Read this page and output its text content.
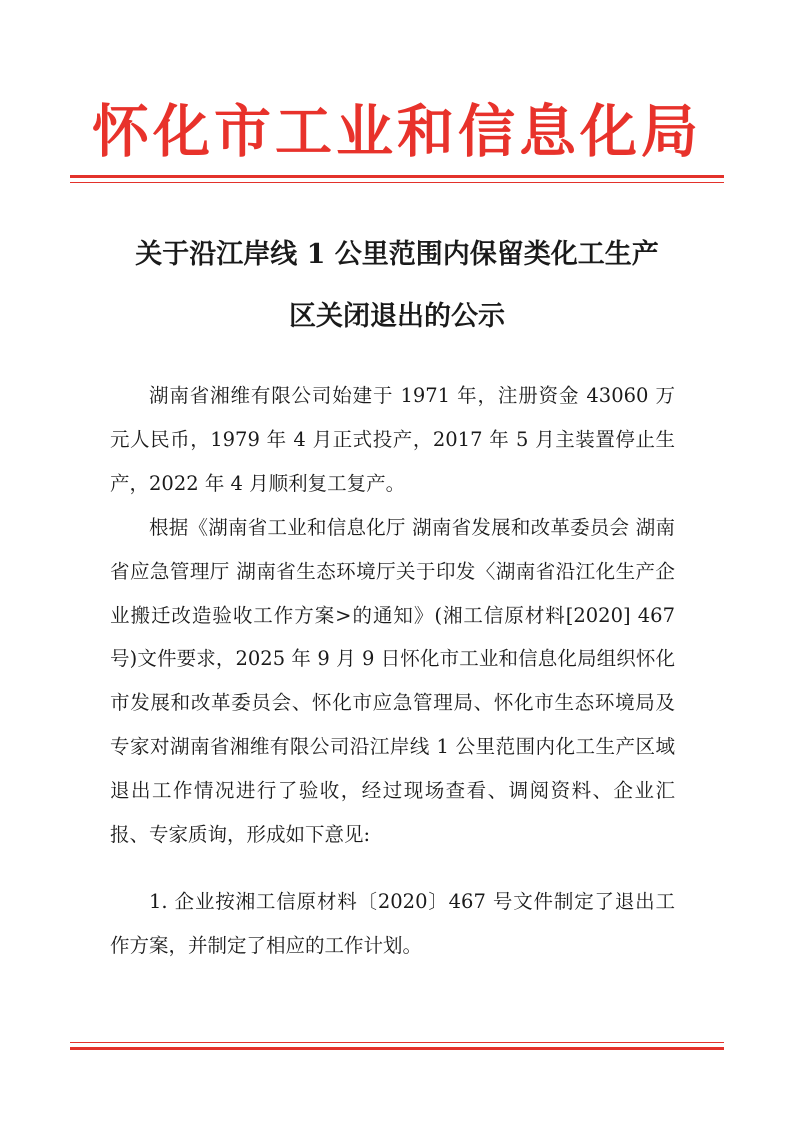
怀化市工业和信息化局
关于沿江岸线 1 公里范围内保留类化工生产
区关闭退出的公示

湖南省湘维有限公司始建于 1971 年，注册资金 43060 万元人民币，1979 年 4 月正式投产，2017 年 5 月主装置停止生产，2022 年 4 月顺利复工复产。

根据《湖南省工业和信息化厅 湖南省发展和改革委员会 湖南省应急管理厅 湖南省生态环境厅关于印发〈湖南省沿江化生产企业搬迁改造验收工作方案>的通知》(湘工信原材料[2020] 467 号)文件要求，2025 年 9 月 9 日怀化市工业和信息化局组织怀化市发展和改革委员会、怀化市应急管理局、怀化市生态环境局及专家对湖南省湘维有限公司沿江岸线 1 公里范围内化工生产区域退出工作情况进行了验收，经过现场查看、调阅资料、企业汇报、专家质询，形成如下意见:

1. 企业按湘工信原材料〔2020〕467 号文件制定了退出工作方案，并制定了相应的工作计划。
